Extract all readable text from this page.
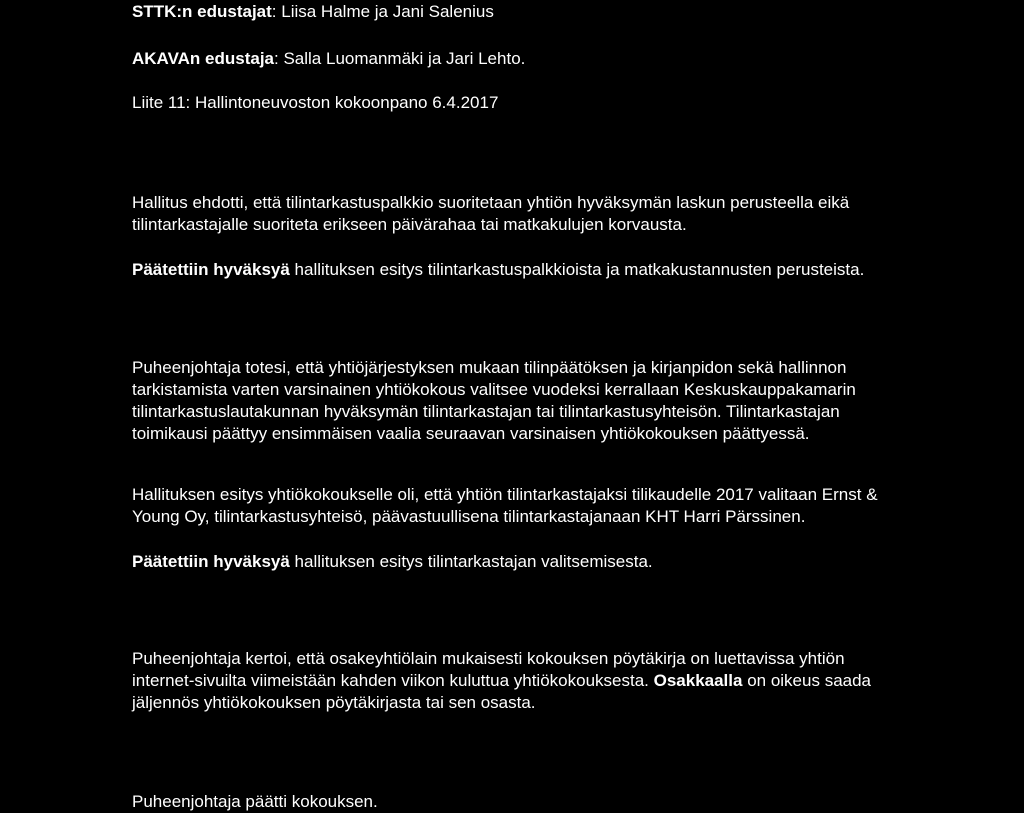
STTK:n edustajat: Liisa Halme ja Jani Salenius

AKAVAn edustaja: Salla Luomanmäki ja Jari Lehto.

Liite 11: Hallintoneuvoston kokoonpano 6.4.2017

Hallitus ehdotti, että tilintarkastuspalkkio suoritetaan yhtiön hyväksymän laskun perusteella eikä
tilintarkastajalle suoriteta erikseen päivärahaa tai matkakulujen korvausta.

Päätettiin hyväksyä hallituksen esitys tilintarkastuspalkkioista ja matkakustannusten perusteista.

Puheenjohtaja totesi, että yhtiöjärjestyksen mukaan tilinpäätöksen ja kirjanpidon sekä hallinnon
tarkistamista varten varsinainen yhtiökokous valitsee vuodeksi kerrallaan Keskuskauppakamarin
tilintarkastuslautakunnan hyväksymän tilintarkastajan tai tilintarkastusyhteisön. Tilintarkastajan
toimikausi päättyy ensimmäisen vaalia seuraavan varsinaisen yhtiökokouksen päättyessä.

Hallituksen esitys yhtiökokoukselle oli, että yhtiön tilintarkastajaksi tilikaudelle 2017 valitaan Ernst &
Young Oy, tilintarkastusyhteisö, päävastuullisena tilintarkastajanaan KHT Harri Pärssinen.

Päätettiin hyväksyä hallituksen esitys tilintarkastajan valitsemisesta.

Puheenjohtaja kertoi, että osakeyhtiölain mukaisesti kokouksen pöytäkirja on luettavissa yhtiön
internet-sivuilta viimeistään kahden viikon kuluttua yhtiökokouksesta. Osakkaalla on oikeus saada
jäljennös yhtiökokouksen pöytäkirjasta tai sen osasta.

Puheenjohtaja päätti kokouksen.
